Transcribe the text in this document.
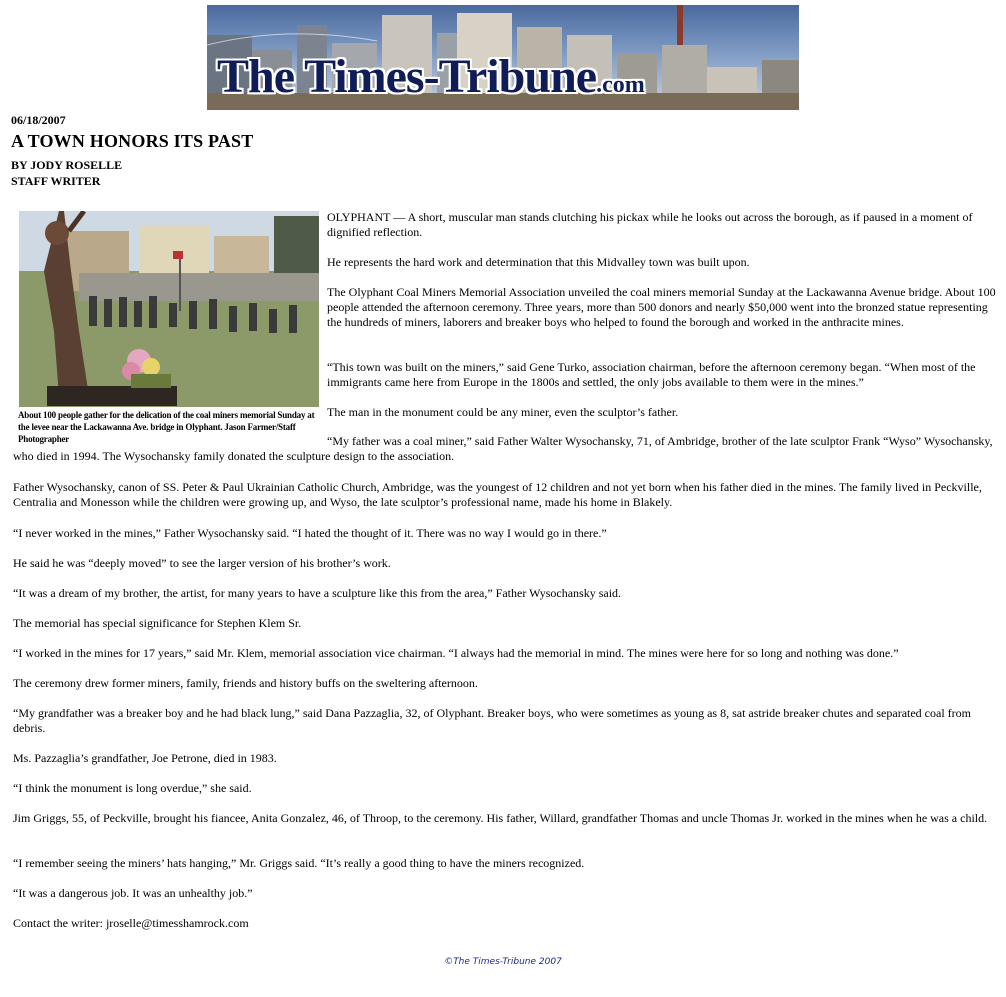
The Times-Tribune.com
06/18/2007
A TOWN HONORS ITS PAST
BY JODY ROSELLE
STAFF WRITER
About 100 people gather for the delication of the coal miners memorial Sunday at the levee near the Lackawanna Ave. bridge in Olyphant. Jason Farmer/Staff Photographer

OLYPHANT — A short, muscular man stands clutching his pickax while he looks out across the borough, as if paused in a moment of dignified reflection.

He represents the hard work and determination that this Midvalley town was built upon.

The Olyphant Coal Miners Memorial Association unveiled the coal miners memorial Sunday at the Lackawanna Avenue bridge. About 100 people attended the afternoon ceremony. Three years, more than 500 donors and nearly $50,000 went into the bronzed statue representing the hundreds of miners, laborers and breaker boys who helped to found the borough and worked in the anthracite mines.

“This town was built on the miners,” said Gene Turko, association chairman, before the afternoon ceremony began. “When most of the immigrants came here from Europe in the 1800s and settled, the only jobs available to them were in the mines.”

The man in the monument could be any miner, even the sculptor’s father.

“My father was a coal miner,” said Father Walter Wysochansky, 71, of Ambridge, brother of the late sculptor Frank “Wyso” Wysochansky, who died in 1994. The Wysochansky family donated the sculpture design to the association.

Father Wysochansky, canon of SS. Peter & Paul Ukrainian Catholic Church, Ambridge, was the youngest of 12 children and not yet born when his father died in the mines. The family lived in Peckville, Centralia and Monesson while the children were growing up, and Wyso, the late sculptor’s professional name, made his home in Blakely.

“I never worked in the mines,” Father Wysochansky said. “I hated the thought of it. There was no way I would go in there.”

He said he was “deeply moved” to see the larger version of his brother’s work.

“It was a dream of my brother, the artist, for many years to have a sculpture like this from the area,” Father Wysochansky said.

The memorial has special significance for Stephen Klem Sr.

“I worked in the mines for 17 years,” said Mr. Klem, memorial association vice chairman. “I always had the memorial in mind. The mines were here for so long and nothing was done.”

The ceremony drew former miners, family, friends and history buffs on the sweltering afternoon.

“My grandfather was a breaker boy and he had black lung,” said Dana Pazzaglia, 32, of Olyphant. Breaker boys, who were sometimes as young as 8, sat astride breaker chutes and separated coal from debris.

Ms. Pazzaglia’s grandfather, Joe Petrone, died in 1983.

“I think the monument is long overdue,” she said.

Jim Griggs, 55, of Peckville, brought his fiancee, Anita Gonzalez, 46, of Throop, to the ceremony. His father, Willard, grandfather Thomas and uncle Thomas Jr. worked in the mines when he was a child.

“I remember seeing the miners’ hats hanging,” Mr. Griggs said. “It’s really a good thing to have the miners recognized.

“It was a dangerous job. It was an unhealthy job.”

Contact the writer: jroselle@timesshamrock.com

©The Times-Tribune 2007
